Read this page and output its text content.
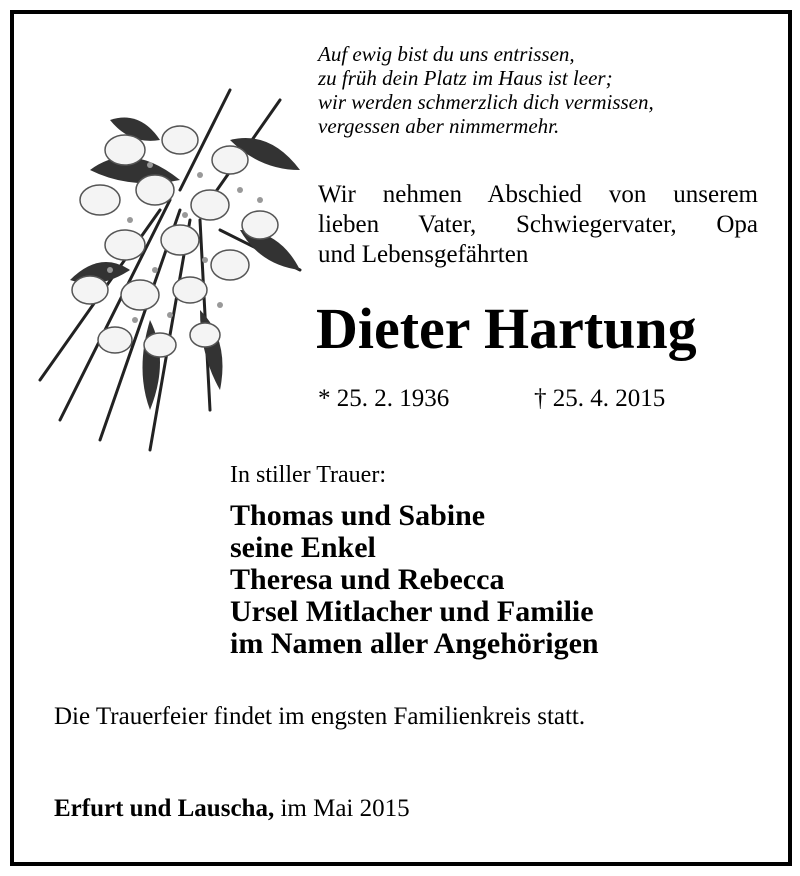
Auf ewig bist du uns entrissen,
zu früh dein Platz im Haus ist leer;
wir werden schmerzlich dich vermissen,
vergessen aber nimmermehr.
Wir nehmen Abschied von unserem
lieben Vater, Schwiegervater, Opa
und Lebensgefährten
Dieter Hartung
* 25. 2. 1936	† 25. 4. 2015
In stiller Trauer:
Thomas und Sabine
seine Enkel
Theresa und Rebecca
Ursel Mitlacher und Familie
im Namen aller Angehörigen
Die Trauerfeier findet im engsten Familienkreis statt.
Erfurt und Lauscha, im Mai 2015
